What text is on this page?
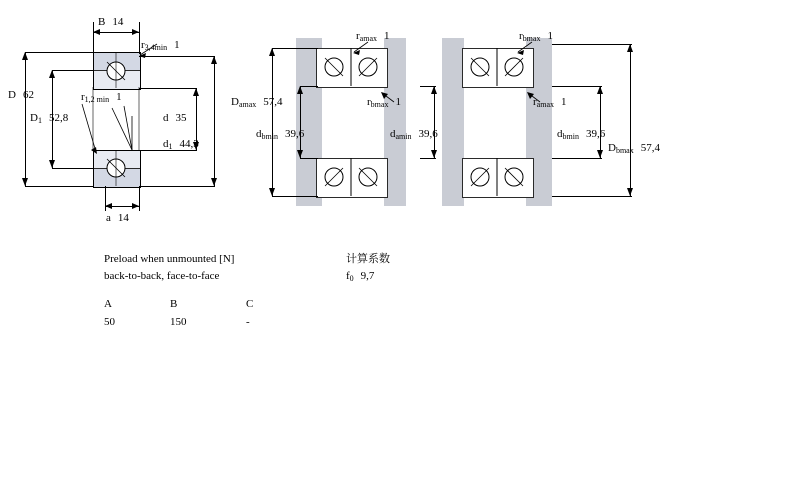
B 14
$r_{3,4min}$ 1
D 62
$D_1$ 52,8
$r_{1,2 min}$ 1
d 35
$d_1$ 44,3
a 14
$r_{amax}$ 1	$r_{bmax}$ 1
$D_{amax}$ 57,4
$d_{bmin}$ 39,6
$r_{bmax}$ 1
$d_{amin}$ 39,6
$r_{amax}$ 1
$d_{bmin}$ 39,6
$D_{bmax}$ 57,4
Preload when unmounted [N]
back-to-back, face-to-face
A	B	C
50	150	-
计算系数
$f_0$ 9,7
